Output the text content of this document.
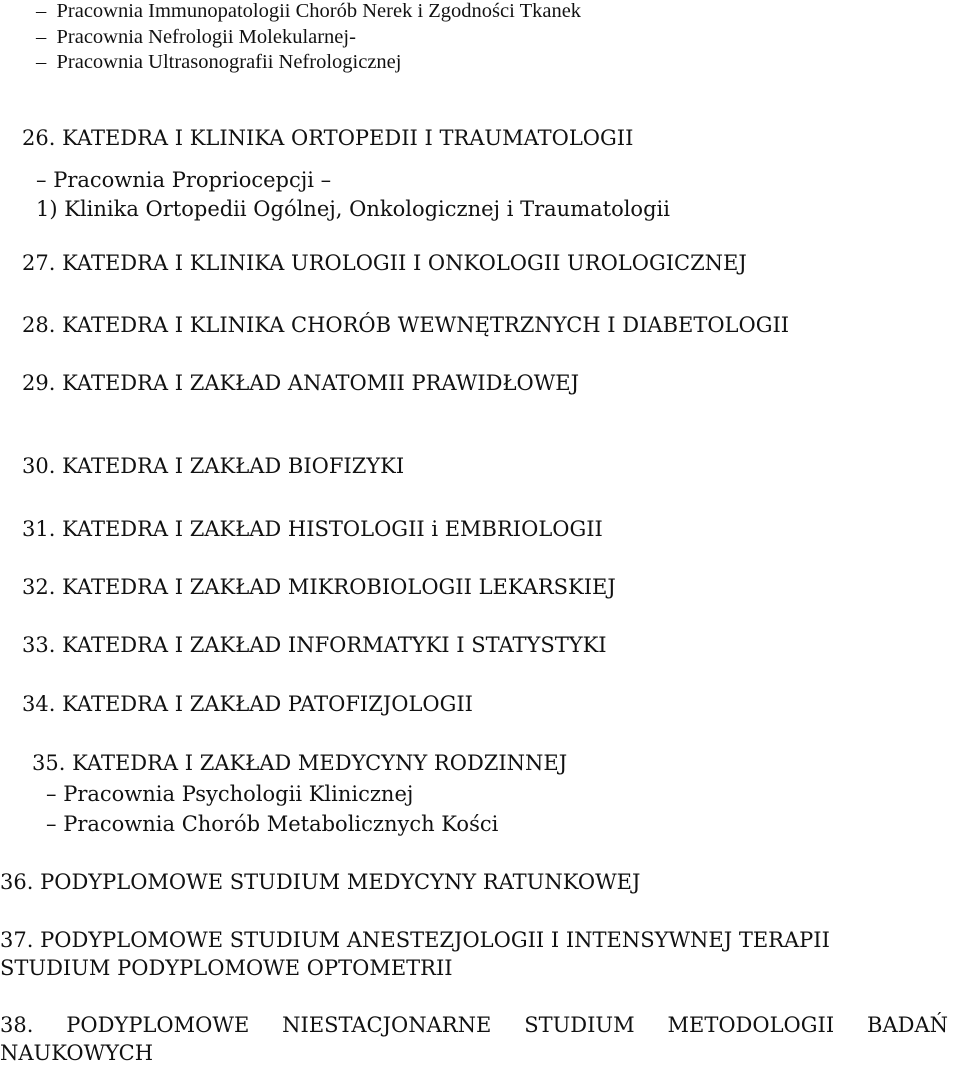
– Pracownia Immunopatologii Chorób Nerek i Zgodności Tkanek

– Pracownia Nefrologii Molekularnej-

– Pracownia Ultrasonografii Nefrologicznej

26. KATEDRA I KLINIKA ORTOPEDII I TRAUMATOLOGII

– Pracownia Propriocepcji –

1) Klinika Ortopedii Ogólnej, Onkologicznej i Traumatologii

27. KATEDRA I KLINIKA UROLOGII I ONKOLOGII UROLOGICZNEJ

28. KATEDRA I KLINIKA CHORÓB WEWNĘTRZNYCH I DIABETOLOGII

29. KATEDRA I ZAKŁAD ANATOMII PRAWIDŁOWEJ

30. KATEDRA I ZAKŁAD BIOFIZYKI

31. KATEDRA I ZAKŁAD HISTOLOGII i EMBRIOLOGII

32. KATEDRA I ZAKŁAD MIKROBIOLOGII LEKARSKIEJ

33. KATEDRA I ZAKŁAD INFORMATYKI I STATYSTYKI

34. KATEDRA I ZAKŁAD PATOFIZJOLOGII

35. KATEDRA I ZAKŁAD MEDYCYNY RODZINNEJ

– Pracownia Psychologii Klinicznej

– Pracownia Chorób Metabolicznych Kości

36. PODYPLOMOWE STUDIUM MEDYCYNY RATUNKOWEJ

37. PODYPLOMOWE STUDIUM ANESTEZJOLOGII I INTENSYWNEJ TERAPII

STUDIUM PODYPLOMOWE OPTOMETRII

38. PODYPLOMOWE NIESTACJONARNE STUDIUM METODOLOGII BADAŃ

NAUKOWYCH
